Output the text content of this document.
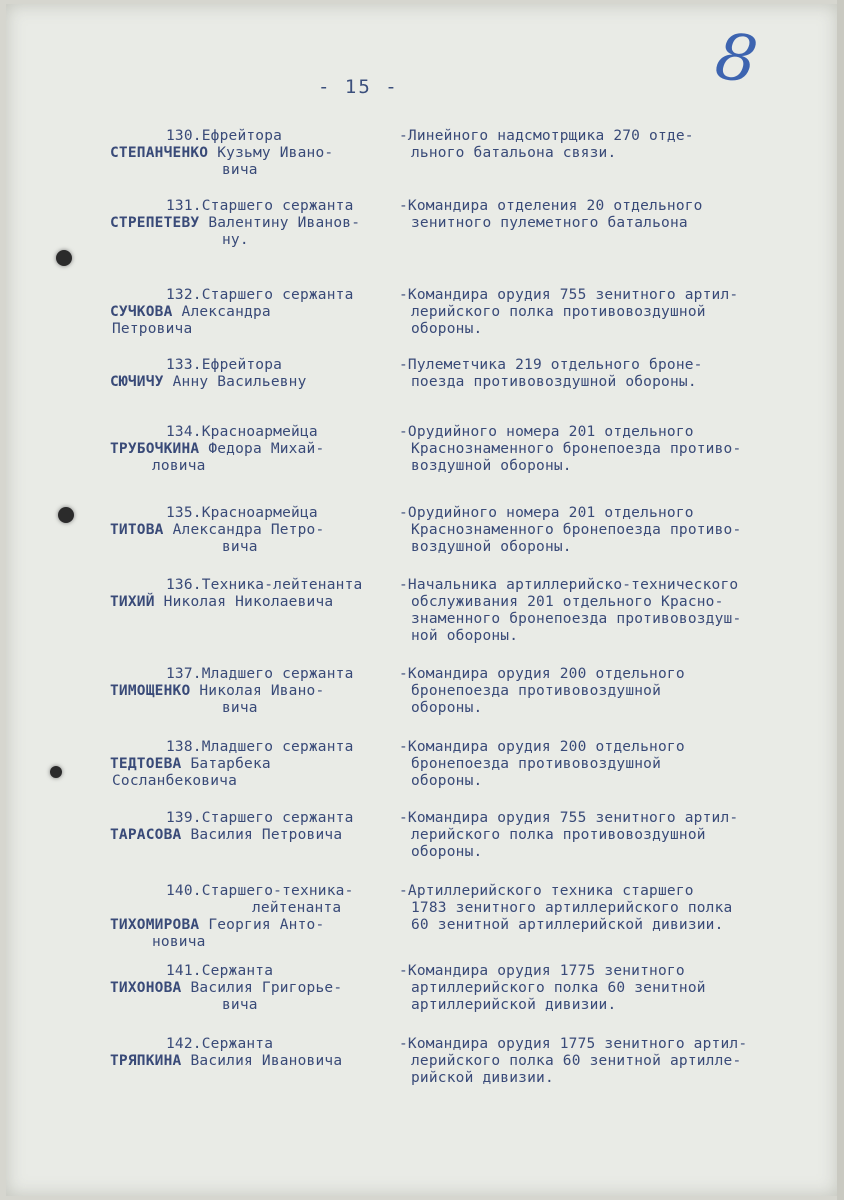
- 15 -	8
130.Ефрейтора
СТЕПАНЧЕНКО Кузьму Ивано-
вича
-Линейного надсмотрщика 270 отде-
льного батальона связи.
131.Старшего сержанта
СТРЕПЕТЕВУ Валентину Иванов-
ну.
-Командира отделения 20 отдельного
зенитного пулеметного батальона
132.Старшего сержанта
СУЧКОВА Александра
Петровича
-Командира орудия 755 зенитного артил-
лерийского полка противовоздушной
обороны.
133.Ефрейтора
СЮЧИЧУ Анну Васильевну
-Пулеметчика 219 отдельного броне-
поезда противовоздушной обороны.
134.Красноармейца
ТРУБОЧКИНА Федора Михай-
ловича
-Орудийного номера 201 отдельного
Краснознаменного бронепоезда противо-
воздушной обороны.
135.Красноармейца
ТИТОВА Александра Петро-
вича
-Орудийного номера 201 отдельного
Краснознаменного бронепоезда противо-
воздушной обороны.
136.Техника-лейтенанта
ТИХИЙ Николая Николаевича
-Начальника артиллерийско-технического
обслуживания 201 отдельного Красно-
знаменного бронепоезда противовоздуш-
ной обороны.
137.Младшего сержанта
ТИМОЩЕНКО Николая Ивано-
вича
-Командира орудия 200 отдельного
бронепоезда противовоздушной
обороны.
138.Младшего сержанта
ТЕДТОЕВА Батарбека
Сосланбековича
-Командира орудия 200 отдельного
бронепоезда противовоздушной
обороны.
139.Старшего сержанта
ТАРАСОВА Василия Петровича
-Командира орудия 755 зенитного артил-
лерийского полка противовоздушной
обороны.
140.Старшего-техника-
лейтенанта
ТИХОМИРОВА Георгия Анто-
новича
-Артиллерийского техника старшего
1783 зенитного артиллерийского полка
60 зенитной артиллерийской дивизии.
141.Сержанта
ТИХОНОВА Василия Григорье-
вича
-Командира орудия 1775 зенитного
артиллерийского полка 60 зенитной
артиллерийской дивизии.
142.Сержанта
ТРЯПКИНА Василия Ивановича
-Командира орудия 1775 зенитного артил-
лерийского полка 60 зенитной артилле-
рийской дивизии.
